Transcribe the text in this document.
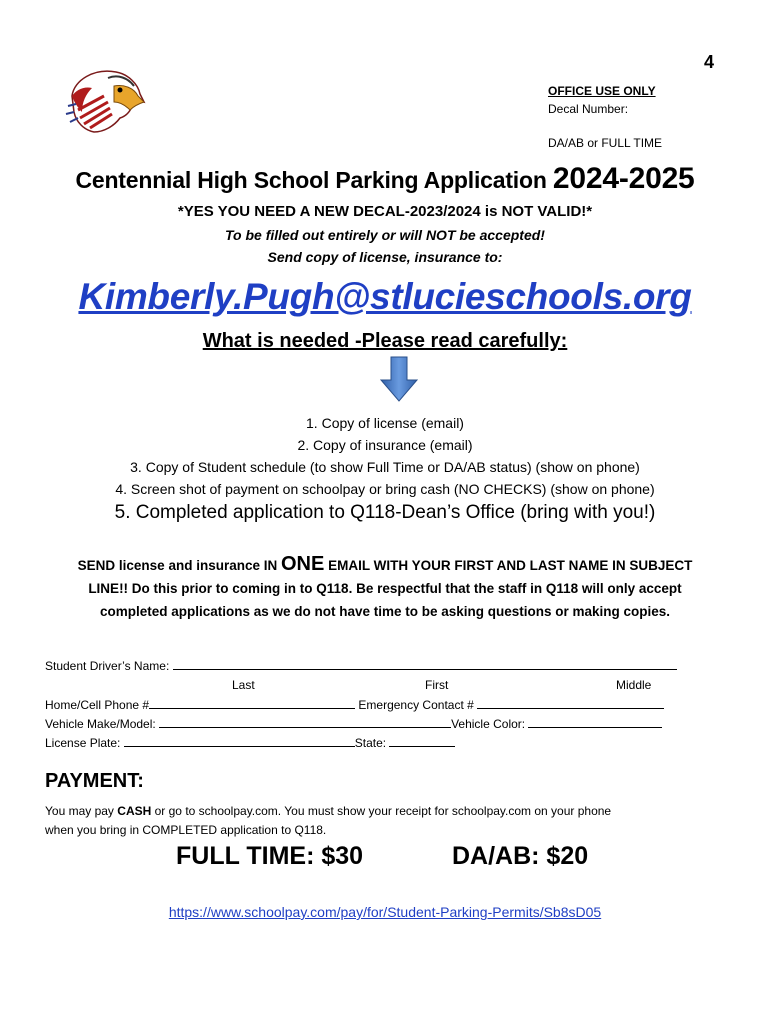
4
OFFICE USE ONLY
Decal Number:
DA/AB or FULL TIME
Centennial High School Parking Application 2024-2025
*YES YOU NEED A NEW DECAL-2023/2024 is NOT VALID!*
To be filled out entirely or will NOT be accepted!
Send copy of license, insurance to:
Kimberly.Pugh@stlucieschools.org
What is needed -Please read carefully:
1. Copy of license (email)
2. Copy of insurance (email)
3. Copy of Student schedule (to show Full Time or DA/AB status) (show on phone)
4. Screen shot of payment on schoolpay or bring cash (NO CHECKS) (show on phone)
5. Completed application to Q118-Dean’s Office (bring with you!)
SEND license and insurance IN ONE EMAIL WITH YOUR FIRST AND LAST NAME IN SUBJECT
LINE!! Do this prior to coming in to Q118. Be respectful that the staff in Q118 will only accept
completed applications as we do not have time to be asking questions or making copies.
Student Driver’s Name:
Last	First	Middle
Home/Cell Phone #	Emergency Contact #
Vehicle Make/Model:	Vehicle Color:
License Plate:	State:
PAYMENT:
You may pay CASH or go to schoolpay.com. You must show your receipt for schoolpay.com on your phone
when you bring in COMPLETED application to Q118.
FULL TIME: $30	DA/AB: $20
https://www.schoolpay.com/pay/for/Student-Parking-Permits/Sb8sD05
